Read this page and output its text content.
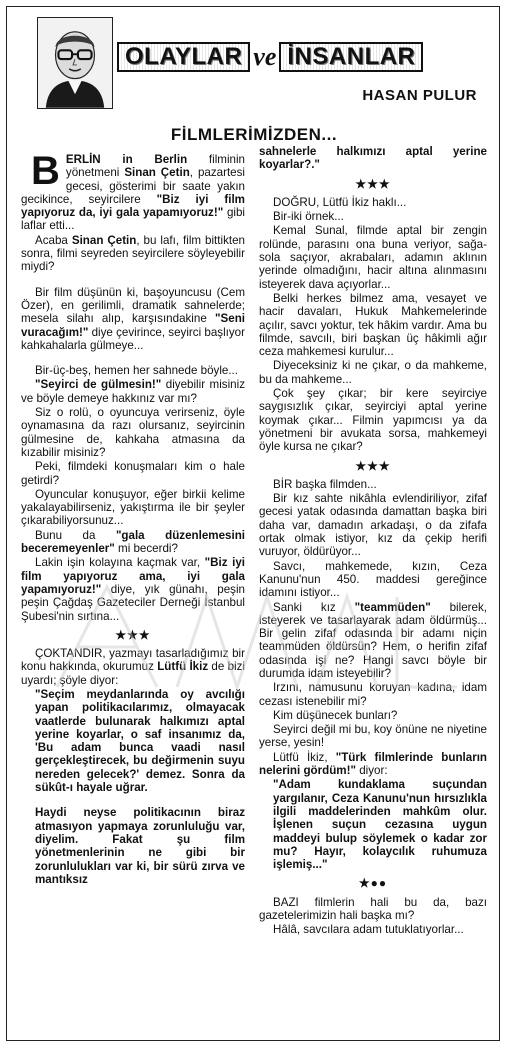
OLAYLAR ve İNSANLAR
HASAN PULUR
FİLMLERİMİZDEN...

BERLİN in Berlin filminin yönetmeni Sinan Çetin, pazartesi gecesi, gösterimi bir saate yakın gecikince, seyircilere "Biz iyi film yapıyoruz da, iyi gala yapamıyoruz!" gibi laflar etti...

Acaba Sinan Çetin, bu lafı, film bittikten sonra, filmi seyreden seyircilere söyleyebilir miydi?

Bir film düşünün ki, başoyuncusu (Cem Özer), en gerilimli, dramatik sahnelerde; mesela silahı alıp, karşısındakine "Seni vuracağım!" diye çevirince, seyirci başlıyor kahkahalarla gülmeye...

Bir-üç-beş, hemen her sahnede böyle...

"Seyirci de gülmesin!" diyebilir misiniz ve böyle demeye hakkınız var mı?

Siz o rolü, o oyuncuya verirseniz, öyle oynamasına da razı olursanız, seyircinin gülmesine de, kahkaha atmasına da kızabilir misiniz?

Peki, filmdeki konuşmaları kim o hale getirdi?

Oyuncular konuşuyor, eğer birkiі kelime yakalayabilirseniz, yakıştırma ile bir şeyler çıkarabiliyorsunuz...

Bunu da "gala düzenlemesini beceremeyenler" mi becerdi?

Lakin işin kolayına kaçmak var, "Biz iyi film yapıyoruz ama, iyi gala yapamıyoruz!" diye, yık günahı, peşin peşin Çağdaş Gazeteciler Derneği İstanbul Şubesi'nin sırtına...

★★★

ÇOKTANDIR, yazmayı tasarladığımız bir konu hakkında, okurumuz Lütfü İkiz de bizi uyardı; şöyle diyor:

"Seçim meydanlarında oy avcılığı yapan politikacılarımız, olmayacak vaatlerde bulunarak halkımızı aptal yerine koyarlar, o saf insanımız da, 'Bu adam bunca vaadi nasıl gerçekleştirecek, bu değirmenin suyu nereden gelecek?' demez. Sonra da sükût-ı hayale uğrar.

Haydi neyse politikacının biraz atmasıyon yapmaya zorunluluğu var, diyelim. Fakat şu film yönetmenlerinin ne gibi bir zorunlulukları var ki, bir sürü zırva ve mantıksız

sahnelerle halkımızı aptal yerine koyarlar?."

★★★

DOĞRU, Lütfü İkiz haklı...

Bir-iki örnek...

Kemal Sunal, filmde aptal bir zengin rolünde, parasını ona buna veriyor, sağa- sola saçıyor, akrabaları, adamın aklının yerinde olmadığını, hacir altına alınmasını isteyerek dava açıyorlar...

Belki herkes bilmez ama, vesayet ve hacir davaları, Hukuk Mahkemelerinde açılır, savcı yoktur, tek hâkim vardır. Ama bu filmde, savcılı, biri başkan üç hâkimli ağır ceza mahkemesi kurulur...

Diyeceksiniz ki ne çıkar, o da mahkeme, bu da mahkeme...

Çok şey çıkar; bir kere seyirciye saygısızlık çıkar, seyirciyi aptal yerine koymak çıkar... Filmin yapımcısı ya da yönetmeni bir avukata sorsa, mahkemeyi öyle kursa ne çıkar?

★★★

BİR başka filmden...

Bir kız sahte nikâhla evlendiriliyor, zifaf gecesi yatak odasında damattan başka biri daha var, damadın arkadaşı, o da zifafa ortak olmak istiyor, kız da çekip herifi vuruyor, öldürüyor...

Savcı, mahkemede, kızın, Ceza Kanunu'nun 450. maddesi gereğince idamını istiyor...

Sanki kız "teammüden" bilerek, isteyerek ve tasarlayarak adam öldürmüş... Bir gelin zifaf odasında bir adamı niçin teammüden öldürsün? Hem, o herifin zifaf odasında işi ne? Hangi savcı böyle bir durumda idam isteyebilir?

Irzını, namusunu koruyan kadına, idam cezası istenebilir mi?

Kim düşünecek bunları?

Seyirci değil mi bu, koy önüne ne niyetine yerse, yesin!

Lütfü İkiz, "Türk filmlerinde bunların nelerini gördüm!" diyor:

"Adam kundaklama suçundan yargılanır, Ceza Kanunu'nun hırsızlıkla ilgili maddelerinden mahkûm olur. İşlenen suçun cezasına uygun maddeyi bulup söylemek o kadar zor mu? Hayır, kolaycılık ruhumuza işlemiş..."

★●●

BAZI filmlerin hali bu da, bazı gazetelerimizin hali başka mı?

Hâlâ, savcılara adam tutuklatıyorlar...
